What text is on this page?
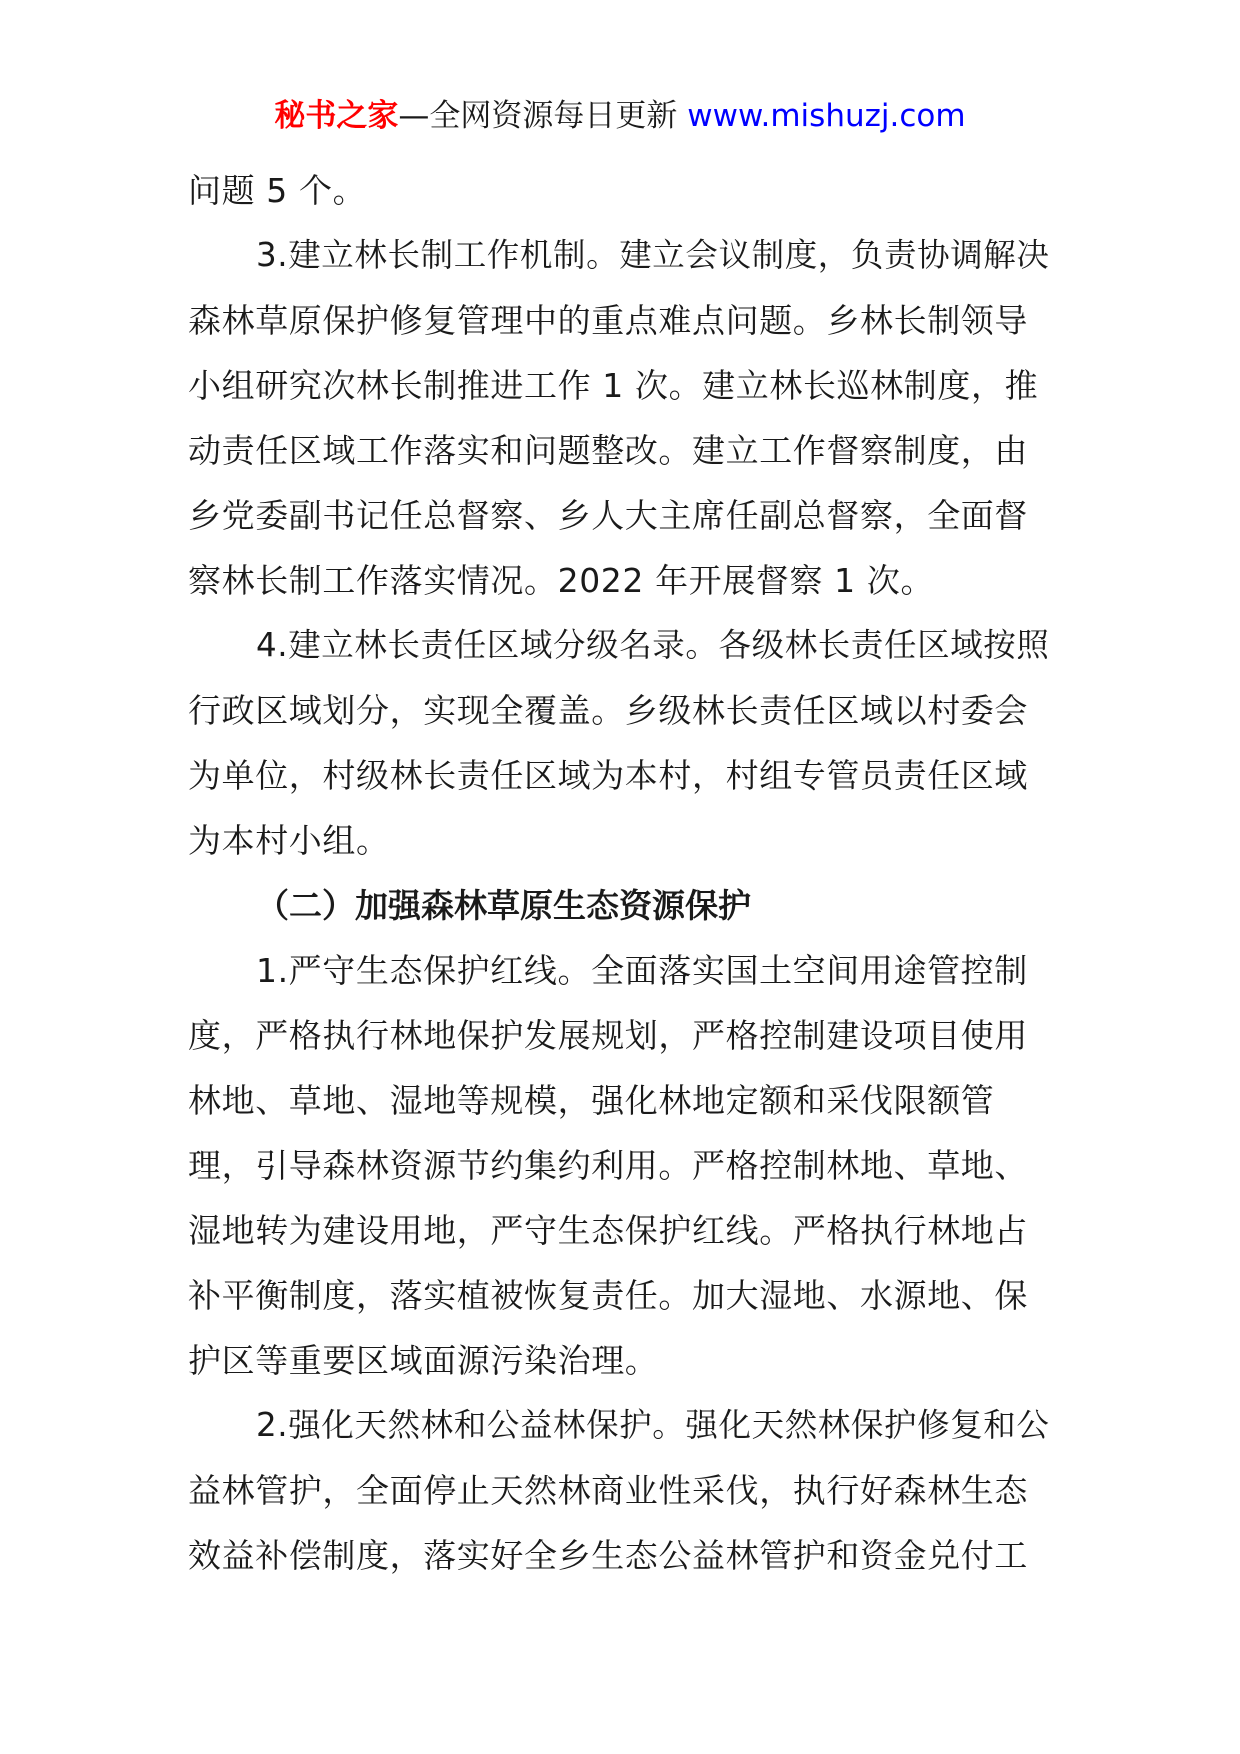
秘书之家—全网资源每日更新 www.mishuzj.com
问题 5 个。
3.建立林长制工作机制。建立会议制度，负责协调解决
森林草原保护修复管理中的重点难点问题。乡林长制领导
小组研究次林长制推进工作 1 次。建立林长巡林制度，推
动责任区域工作落实和问题整改。建立工作督察制度，由
乡党委副书记任总督察、乡人大主席任副总督察，全面督
察林长制工作落实情况。2022 年开展督察 1 次。
4.建立林长责任区域分级名录。各级林长责任区域按照
行政区域划分，实现全覆盖。乡级林长责任区域以村委会
为单位，村级林长责任区域为本村，村组专管员责任区域
为本村小组。
（二）加强森林草原生态资源保护
1.严守生态保护红线。全面落实国土空间用途管控制
度，严格执行林地保护发展规划，严格控制建设项目使用
林地、草地、湿地等规模，强化林地定额和采伐限额管
理，引导森林资源节约集约利用。严格控制林地、草地、
湿地转为建设用地，严守生态保护红线。严格执行林地占
补平衡制度，落实植被恢复责任。加大湿地、水源地、保
护区等重要区域面源污染治理。
2.强化天然林和公益林保护。强化天然林保护修复和公
益林管护，全面停止天然林商业性采伐，执行好森林生态
效益补偿制度，落实好全乡生态公益林管护和资金兑付工
